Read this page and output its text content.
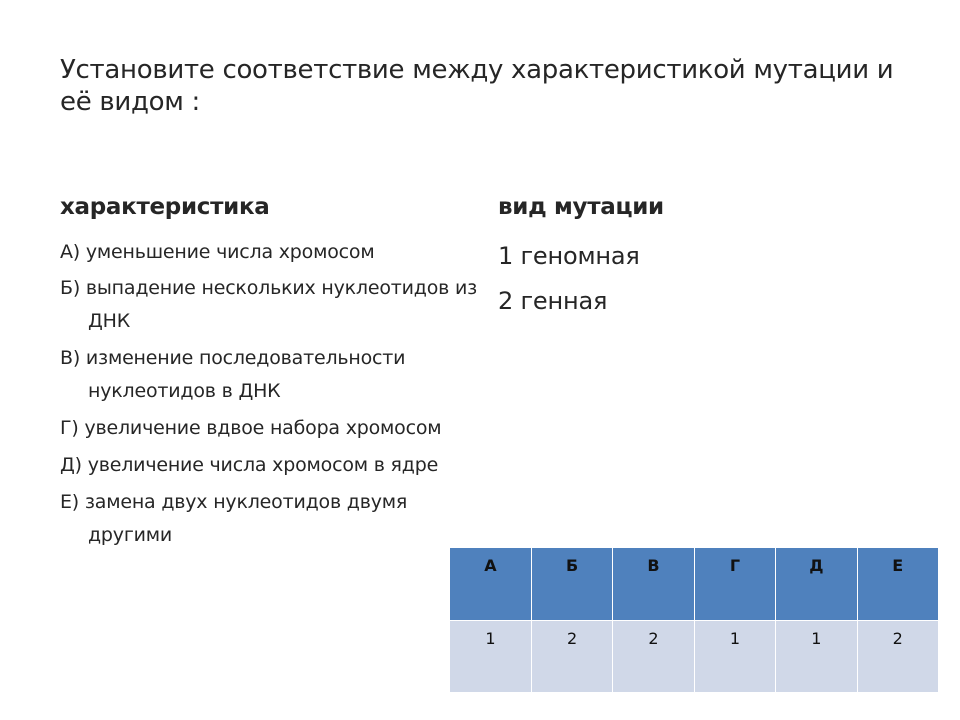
Установите соответствие между характеристикой мутации и её видом :
характеристика	вид мутации
А) уменьшение числа хромосом
Б) выпадение нескольких нуклеотидов из ДНК
В) изменение последовательности нуклеотидов в ДНК
Г) увеличение вдвое набора хромосом
Д) увеличение числа хромосом в ядре
Е) замена двух нуклеотидов двумя другими
1 геномная
2 генная
А	Б	В	Г	Д	Е
1	2	2	1	1	2
